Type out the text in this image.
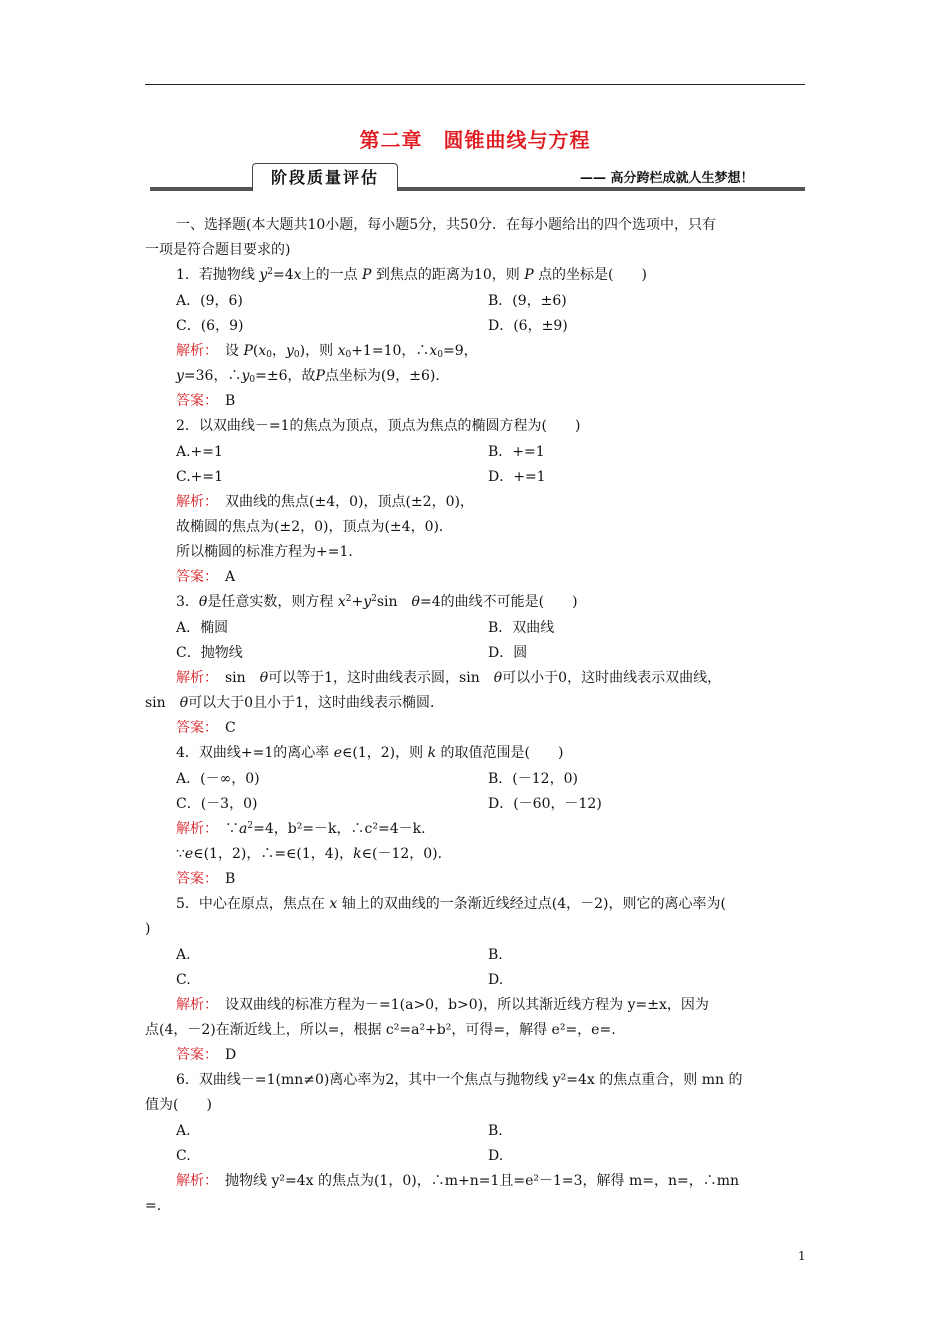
第二章　圆锥曲线与方程
阶段质量评估	—— 高分跨栏成就人生梦想！
一、选择题(本大题共10小题，每小题5分，共50分．在每小题给出的四个选项中，只有
一项是符合题目要求的)
1．若抛物线 $y^2=4x$上的一点 P 到焦点的距离为10，则 P 点的坐标是(　　)
A．(9，6)	B．(9，±6)
C．(6，9)	D．(6，±9)
解析：　 设 $P(x_0$，$y_0$)，则 $x_0+1=10$，$\therefore x_0=9$，
y=36，$\therefore y_0=\pm 6$，故P点坐标为(9，±6)．
答案：　 B
2．以双曲线－=1的焦点为顶点，顶点为焦点的椭圆方程为(　　)
A.+=1	B．+=1
C.+=1	D．+=1
解析：　 双曲线的焦点(±4，0)，顶点(±2，0)，
故椭圆的焦点为(±2，0)，顶点为(±4，0)．
所以椭圆的标准方程为+=1.
答案：　 A
3．θ是任意实数，则方程 $x^2+y^2\sin$　θ=4的曲线不可能是(　　)
A．椭圆	B．双曲线
C．抛物线	D．圆
解析：　 sin　 θ可以等于1，这时曲线表示圆，sin　 θ可以小于0，这时曲线表示双曲线，
sin　 θ可以大于0且小于1，这时曲线表示椭圆．
答案：　 C
4．双曲线+=1的离心率 e∈(1，2)，则 k 的取值范围是(　　)
A．(－∞，0)	B．(－12，0)
C．(－3，0)	D．(－60，－12)
解析：　$\because a^2=4$，b²=－k，∴c²=4－k.
∵e∈(1，2)，∴=∈(1，4)，k∈(－12，0)．
答案：　 B
5．中心在原点，焦点在 x 轴上的双曲线的一条渐近线经过点(4，－2)，则它的离心率为(
)
A.	B.
C.	D.
解析：　 设双曲线的标准方程为－=1(a>0，b>0)，所以其渐近线方程为 y=±x，因为
点(4，－2)在渐近线上，所以=，根据 c²=a²+b²，可得=，解得 e²=，e=.
答案：　 D
6．双曲线－=1(mn≠0)离心率为2，其中一个焦点与抛物线 y²=4x 的焦点重合，则 mn 的
值为(　　)
A.	B.
C.	D.
解析：　 抛物线 y²=4x 的焦点为(1，0)，∴m+n=1且=e²－1=3，解得 m=，n=，∴mn
=.
1
